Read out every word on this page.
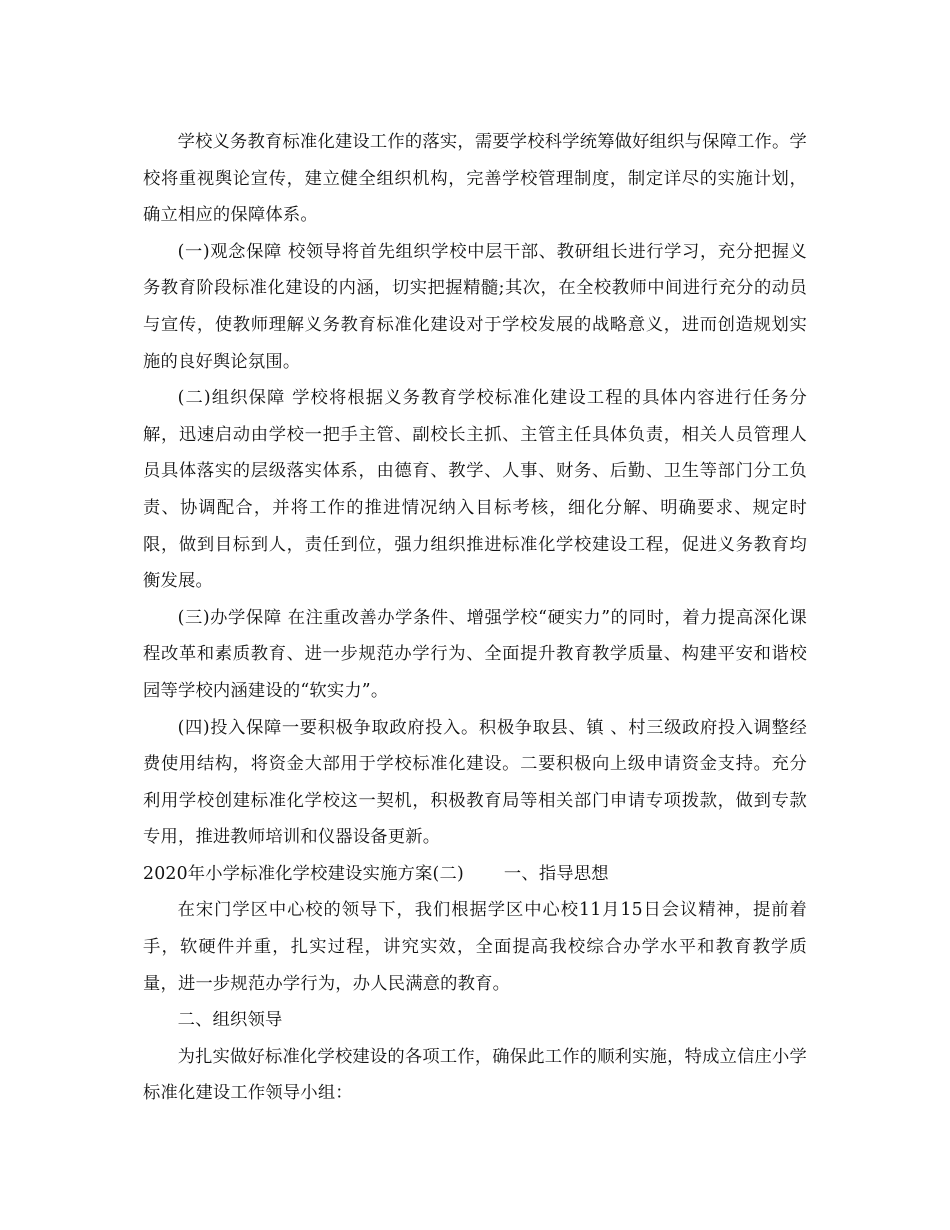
学校义务教育标准化建设工作的落实，需要学校科学统筹做好组织与保障工作。学校将重视舆论宣传，建立健全组织机构，完善学校管理制度，制定详尽的实施计划，确立相应的保障体系。

(一)观念保障 校领导将首先组织学校中层干部、教研组长进行学习，充分把握义务教育阶段标准化建设的内涵，切实把握精髓;其次，在全校教师中间进行充分的动员与宣传，使教师理解义务教育标准化建设对于学校发展的战略意义，进而创造规划实施的良好舆论氛围。

(二)组织保障 学校将根据义务教育学校标准化建设工程的具体内容进行任务分解，迅速启动由学校一把手主管、副校长主抓、主管主任具体负责，相关人员管理人员具体落实的层级落实体系，由德育、教学、人事、财务、后勤、卫生等部门分工负责、协调配合，并将工作的推进情况纳入目标考核，细化分解、明确要求、规定时限，做到目标到人，责任到位，强力组织推进标准化学校建设工程，促进义务教育均衡发展。

(三)办学保障 在注重改善办学条件、增强学校“硬实力”的同时，着力提高深化课程改革和素质教育、进一步规范办学行为、全面提升教育教学质量、构建平安和谐校园等学校内涵建设的“软实力”。

(四)投入保障一要积极争取政府投入。积极争取县、镇 、村三级政府投入调整经费使用结构，将资金大部用于学校标准化建设。二要积极向上级申请资金支持。充分利用学校创建标准化学校这一契机，积极教育局等相关部门申请专项拨款，做到专款专用，推进教师培训和仪器设备更新。

2020年小学标准化学校建设实施方案(二) 一、指导思想

在宋门学区中心校的领导下，我们根据学区中心校11月15日会议精神，提前着手，软硬件并重，扎实过程，讲究实效，全面提高我校综合办学水平和教育教学质量，进一步规范办学行为，办人民满意的教育。

二、组织领导

为扎实做好标准化学校建设的各项工作，确保此工作的顺利实施，特成立信庄小学标准化建设工作领导小组：
